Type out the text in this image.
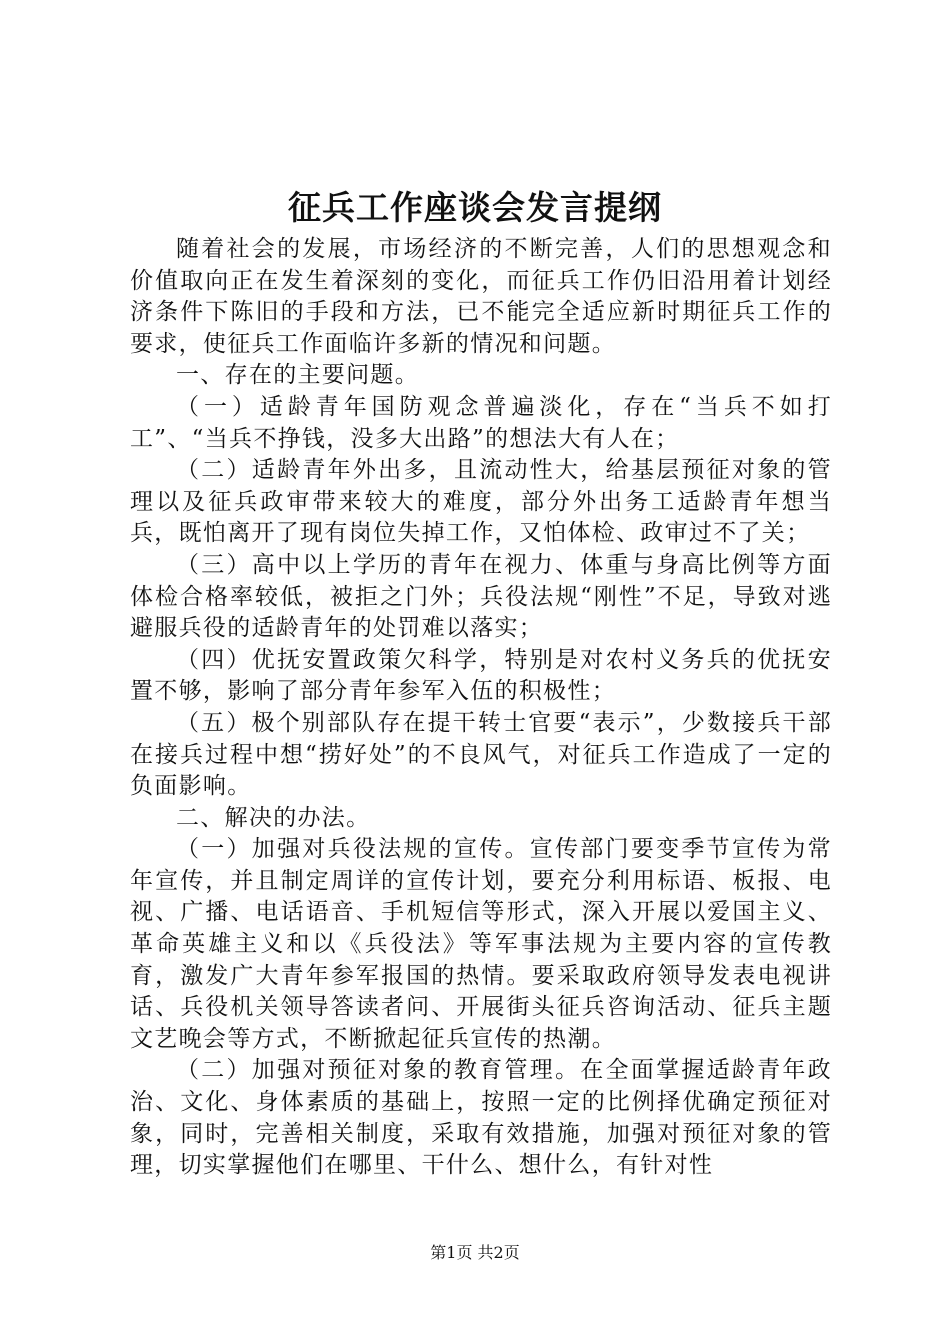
征兵工作座谈会发言提纲

随着社会的发展，市场经济的不断完善，人们的思想观念和价值取向正在发生着深刻的变化，而征兵工作仍旧沿用着计划经济条件下陈旧的手段和方法，已不能完全适应新时期征兵工作的要求，使征兵工作面临许多新的情况和问题。

一、存在的主要问题。

（一）适龄青年国防观念普遍淡化，存在“当兵不如打工”、“当兵不挣钱，没多大出路”的想法大有人在；

（二）适龄青年外出多，且流动性大，给基层预征对象的管理以及征兵政审带来较大的难度，部分外出务工适龄青年想当兵，既怕离开了现有岗位失掉工作，又怕体检、政审过不了关；

（三）高中以上学历的青年在视力、体重与身高比例等方面体检合格率较低，被拒之门外；兵役法规“刚性”不足，导致对逃避服兵役的适龄青年的处罚难以落实；

（四）优抚安置政策欠科学，特别是对农村义务兵的优抚安置不够，影响了部分青年参军入伍的积极性；

（五）极个别部队存在提干转士官要“表示”，少数接兵干部在接兵过程中想“捞好处”的不良风气，对征兵工作造成了一定的负面影响。

二、解决的办法。

（一）加强对兵役法规的宣传。宣传部门要变季节宣传为常年宣传，并且制定周详的宣传计划，要充分利用标语、板报、电视、广播、电话语音、手机短信等形式，深入开展以爱国主义、革命英雄主义和以《兵役法》等军事法规为主要内容的宣传教育，激发广大青年参军报国的热情。要采取政府领导发表电视讲话、兵役机关领导答读者问、开展街头征兵咨询活动、征兵主题文艺晚会等方式，不断掀起征兵宣传的热潮。

（二）加强对预征对象的教育管理。在全面掌握适龄青年政治、文化、身体素质的基础上，按照一定的比例择优确定预征对象，同时，完善相关制度，采取有效措施，加强对预征对象的管理，切实掌握他们在哪里、干什么、想什么，有针对性

第1页 共2页
